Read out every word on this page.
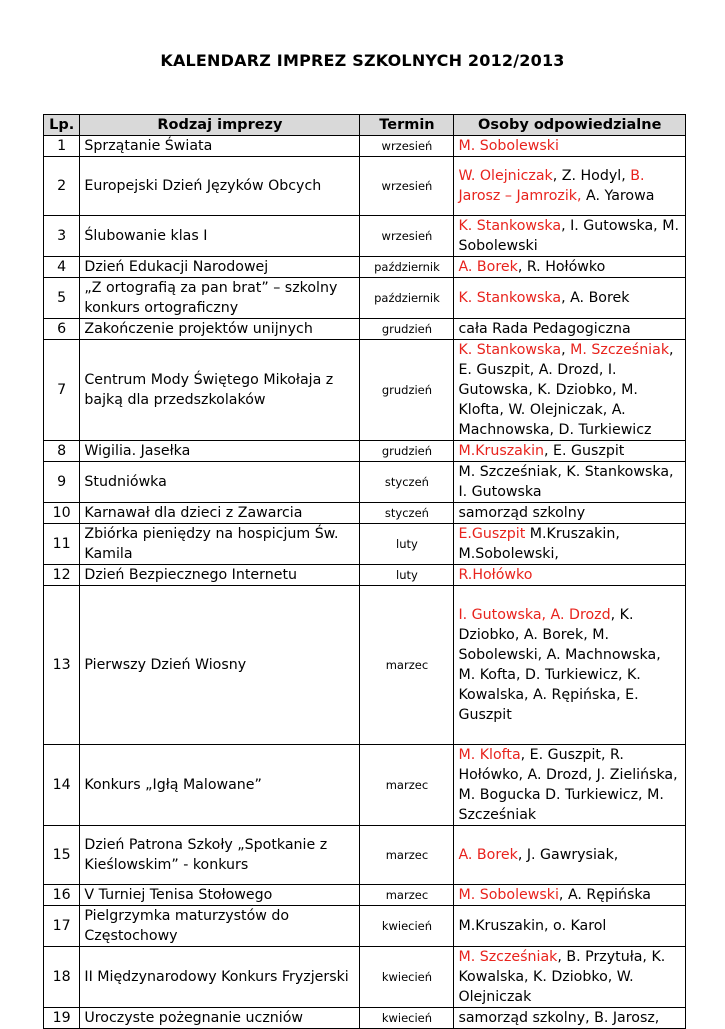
KALENDARZ IMPREZ SZKOLNYCH 2012/2013
Lp.	Rodzaj imprezy	Termin	Osoby odpowiedzialne
1	Sprzątanie Świata	wrzesień	M. Sobolewski
2	Europejski Dzień Języków Obcych	wrzesień	W. Olejniczak, Z. Hodyl, B. Jarosz – Jamrozik, A. Yarowa
3	Ślubowanie klas I	wrzesień	K. Stankowska, I. Gutowska, M. Sobolewski
4	Dzień Edukacji Narodowej	październik	A. Borek, R. Hołówko
5	„Z ortografią za pan brat” – szkolny konkurs ortograficzny	październik	K. Stankowska, A. Borek
6	Zakończenie projektów unijnych	grudzień	cała Rada Pedagogiczna
7	Centrum Mody Świętego Mikołaja z bajką dla przedszkolaków	grudzień	K. Stankowska, M. Szcześniak, E. Guszpit, A. Drozd, I. Gutowska, K. Dziobko, M. Klofta, W. Olejniczak, A. Machnowska, D. Turkiewicz
8	Wigilia. Jasełka	grudzień	M.Kruszakin, E. Guszpit
9	Studniówka	styczeń	M. Szcześniak, K. Stankowska, I. Gutowska
10	Karnawał dla dzieci z Zawarcia	styczeń	samorząd szkolny
11	Zbiórka pieniędzy na hospicjum Św. Kamila	luty	E.Guszpit M.Kruszakin, M.Sobolewski,
12	Dzień Bezpiecznego Internetu	luty	R.Hołówko
13	Pierwszy Dzień Wiosny	marzec	I. Gutowska, A. Drozd, K. Dziobko, A. Borek, M. Sobolewski, A. Machnowska, M. Kofta, D. Turkiewicz, K. Kowalska, A. Rępińska, E. Guszpit
14	Konkurs „Igłą Malowane”	marzec	M. Klofta, E. Guszpit, R. Hołówko, A. Drozd, J. Zielińska, M. Bogucka D. Turkiewicz, M. Szcześniak
15	Dzień Patrona Szkoły „Spotkanie z Kieślowskim” - konkurs	marzec	A. Borek, J. Gawrysiak,
16	V Turniej Tenisa Stołowego	marzec	M. Sobolewski, A. Rępińska
17	Pielgrzymka maturzystów do Częstochowy	kwiecień	M.Kruszakin, o. Karol
18	II Międzynarodowy Konkurs Fryzjerski	kwiecień	M. Szcześniak, B. Przytuła, K. Kowalska, K. Dziobko, W. Olejniczak
19	Uroczyste pożegnanie uczniów	kwiecień	samorząd szkolny, B. Jarosz,
